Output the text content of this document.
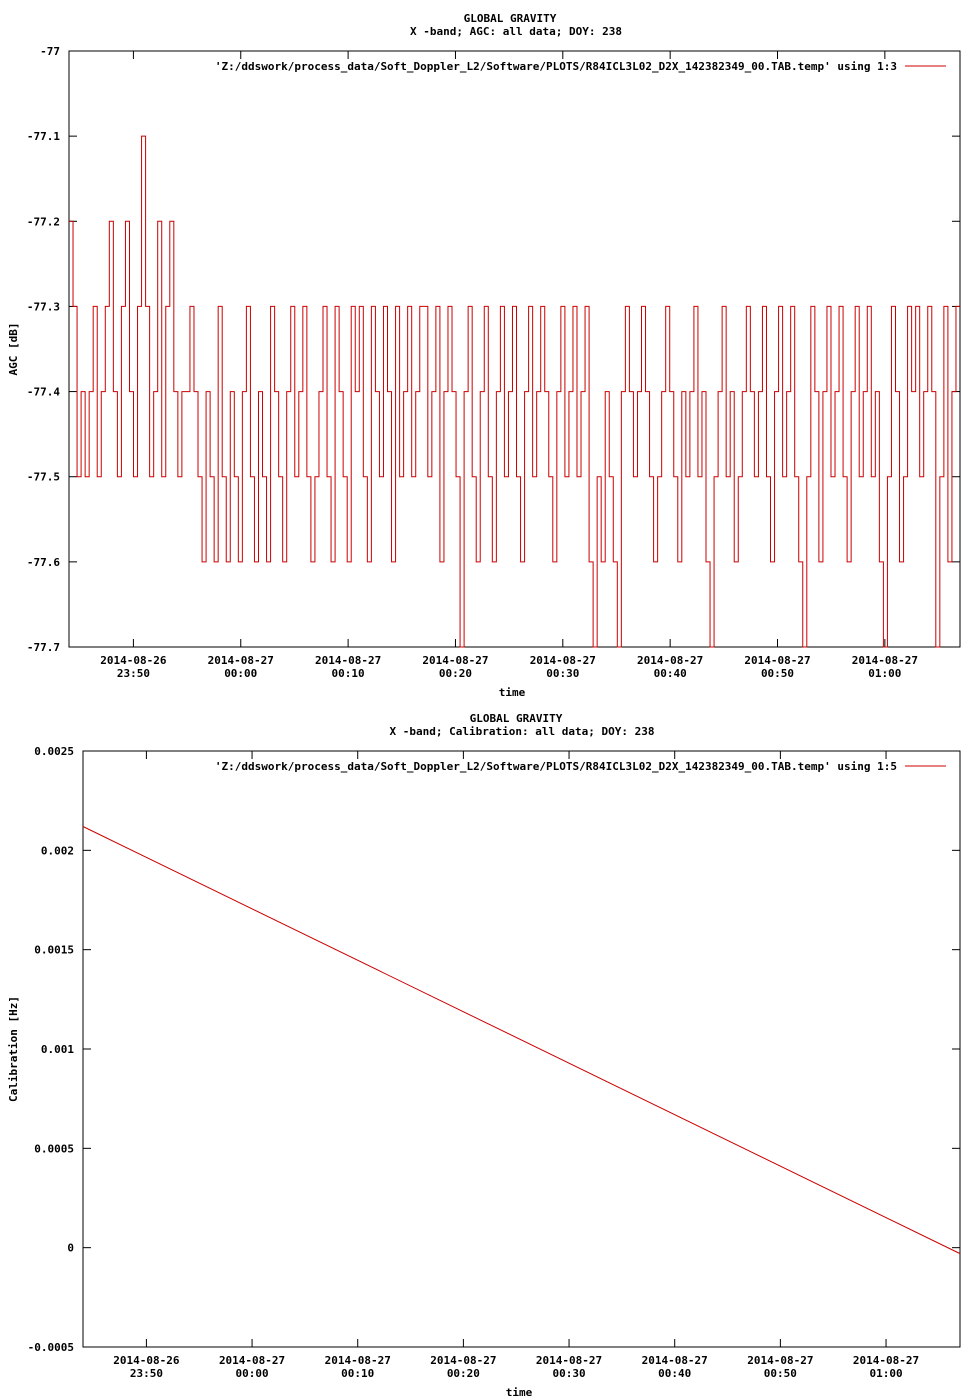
GLOBAL GRAVITY
X -band; AGC: all data; DOY: 238
-77
-77.1
-77.2
-77.3
-77.4
-77.5
-77.6
-77.7
2014-08-26
23:50
2014-08-27
00:00
2014-08-27
00:10
2014-08-27
00:20
2014-08-27
00:30
2014-08-27
00:40
2014-08-27
00:50
2014-08-27
01:00
'Z:/ddswork/process_data/Soft_Doppler_L2/Software/PLOTS/R84ICL3L02_D2X_142382349_00.TAB.temp' using 1:3
AGC [dB]
time
GLOBAL GRAVITY
X -band; Calibration: all data; DOY: 238
0.0025
0.002
0.0015
0.001
0.0005
0
-0.0005
2014-08-26
23:50
2014-08-27
00:00
2014-08-27
00:10
2014-08-27
00:20
2014-08-27
00:30
2014-08-27
00:40
2014-08-27
00:50
2014-08-27
01:00
'Z:/ddswork/process_data/Soft_Doppler_L2/Software/PLOTS/R84ICL3L02_D2X_142382349_00.TAB.temp' using 1:5
Calibration [Hz]
time
